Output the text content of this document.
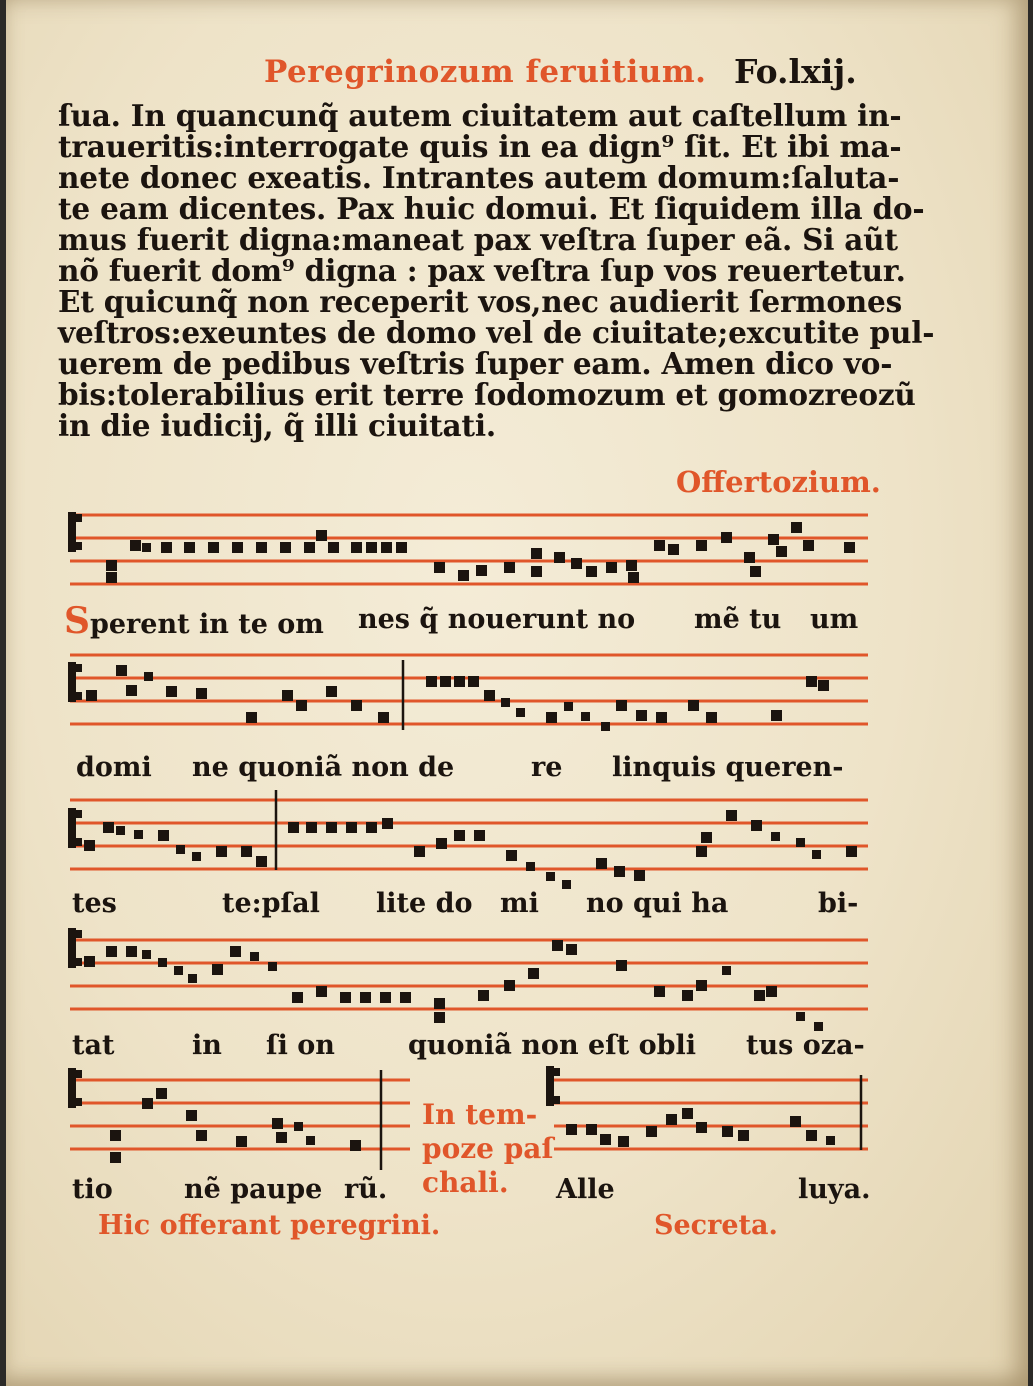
Peregrinozum feruitium. Fo.lxij.
ſua. In quancunq̃ autem ciuitatem aut caſtellum in-
traueritis:interrogate quis in ea dign⁹ ſit. Et ibi ma-
nete donec exeatis. Intrantes autem domum:ſaluta-
te eam dicentes. Pax huic domui. Et ſiquidem illa do-
mus fuerit digna:maneat pax veſtra ſuper eã. Si aũt
nõ fuerit dom⁹ digna : pax veſtra ſup vos reuertetur.
Et quicunq̃ non receperit vos,nec audierit ſermones
veſtros:exeuntes de domo vel de ciuitate;excutite pul-
uerem de pedibus veſtris ſuper eam. Amen dico vo-
bis:tolerabilius erit terre ſodomozum et gomozreozũ
in die iudicij, q̃ illi ciuitati.
Offertozium.
Sperent in te om nes q̃ nouerunt no mẽ tu um
domi ne quoniã non de	re linquis queren-
tes	te:pſal lite do mi no qui ha	bi-
tat	in ſi on	quoniã non eſt obli tus oza-
tio	nẽ paupe rũ.	Alle	luya.
In tem-
poze paſ
chali.
Hic offerant peregrini.	Secreta.
